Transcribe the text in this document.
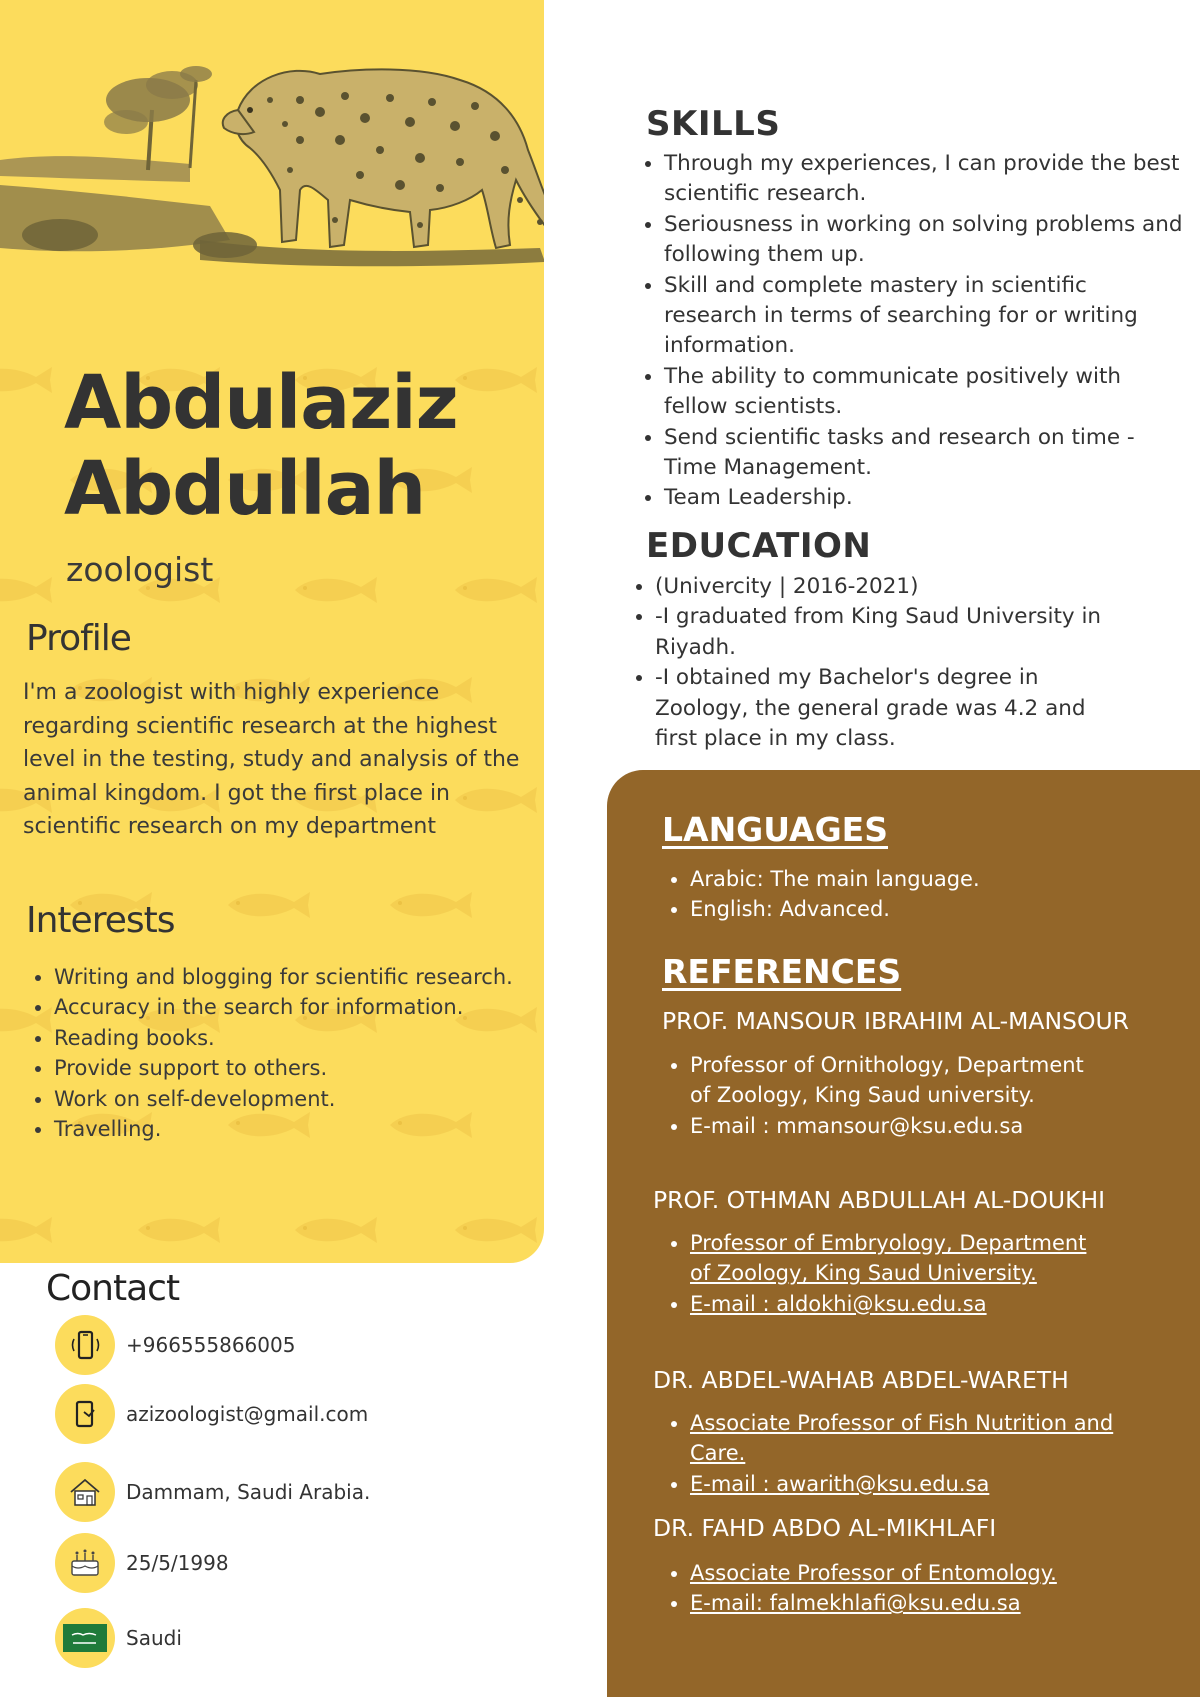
Abdulaziz
Abdullah
zoologist
Profile

I'm a zoologist with highly experience regarding scientific research at the highest level in the testing, study and analysis of the animal kingdom. I got the first place in scientific research on my department

Interests
• Writing and blogging for scientific research.
• Accuracy in the search for information.
• Reading books.
• Provide support to others.
• Work on self-development.
• Travelling.
Contact
+966555866005
azizoologist@gmail.com
Dammam, Saudi Arabia.
25/5/1998
Saudi
SKILLS
• Through my experiences, I can provide the best scientific research.
• Seriousness in working on solving problems and following them up.
• Skill and complete mastery in scientific research in terms of searching for or writing information.
• The ability to communicate positively with fellow scientists.
• Send scientific tasks and research on time - Time Management.
• Team Leadership.
EDUCATION
• (Univercity | 2016-2021)
• -I graduated from King Saud University in Riyadh.
• -I obtained my Bachelor's degree in Zoology, the general grade was 4.2 and first place in my class.
LANGUAGES
• Arabic: The main language.
• English: Advanced.
REFERENCES
PROF. MANSOUR IBRAHIM AL-MANSOUR
• Professor of Ornithology, Department of Zoology, King Saud university.
• E-mail : mmansour@ksu.edu.sa
PROF. OTHMAN ABDULLAH AL-DOUKHI
• Professor of Embryology, Department of Zoology, King Saud University.
• E-mail : aldokhi@ksu.edu.sa
DR. ABDEL-WAHAB ABDEL-WARETH
• Associate Professor of Fish Nutrition and Care.
• E-mail : awarith@ksu.edu.sa
DR. FAHD ABDO AL-MIKHLAFI
• Associate Professor of Entomology.
• E-mail: falmekhlafi@ksu.edu.sa
